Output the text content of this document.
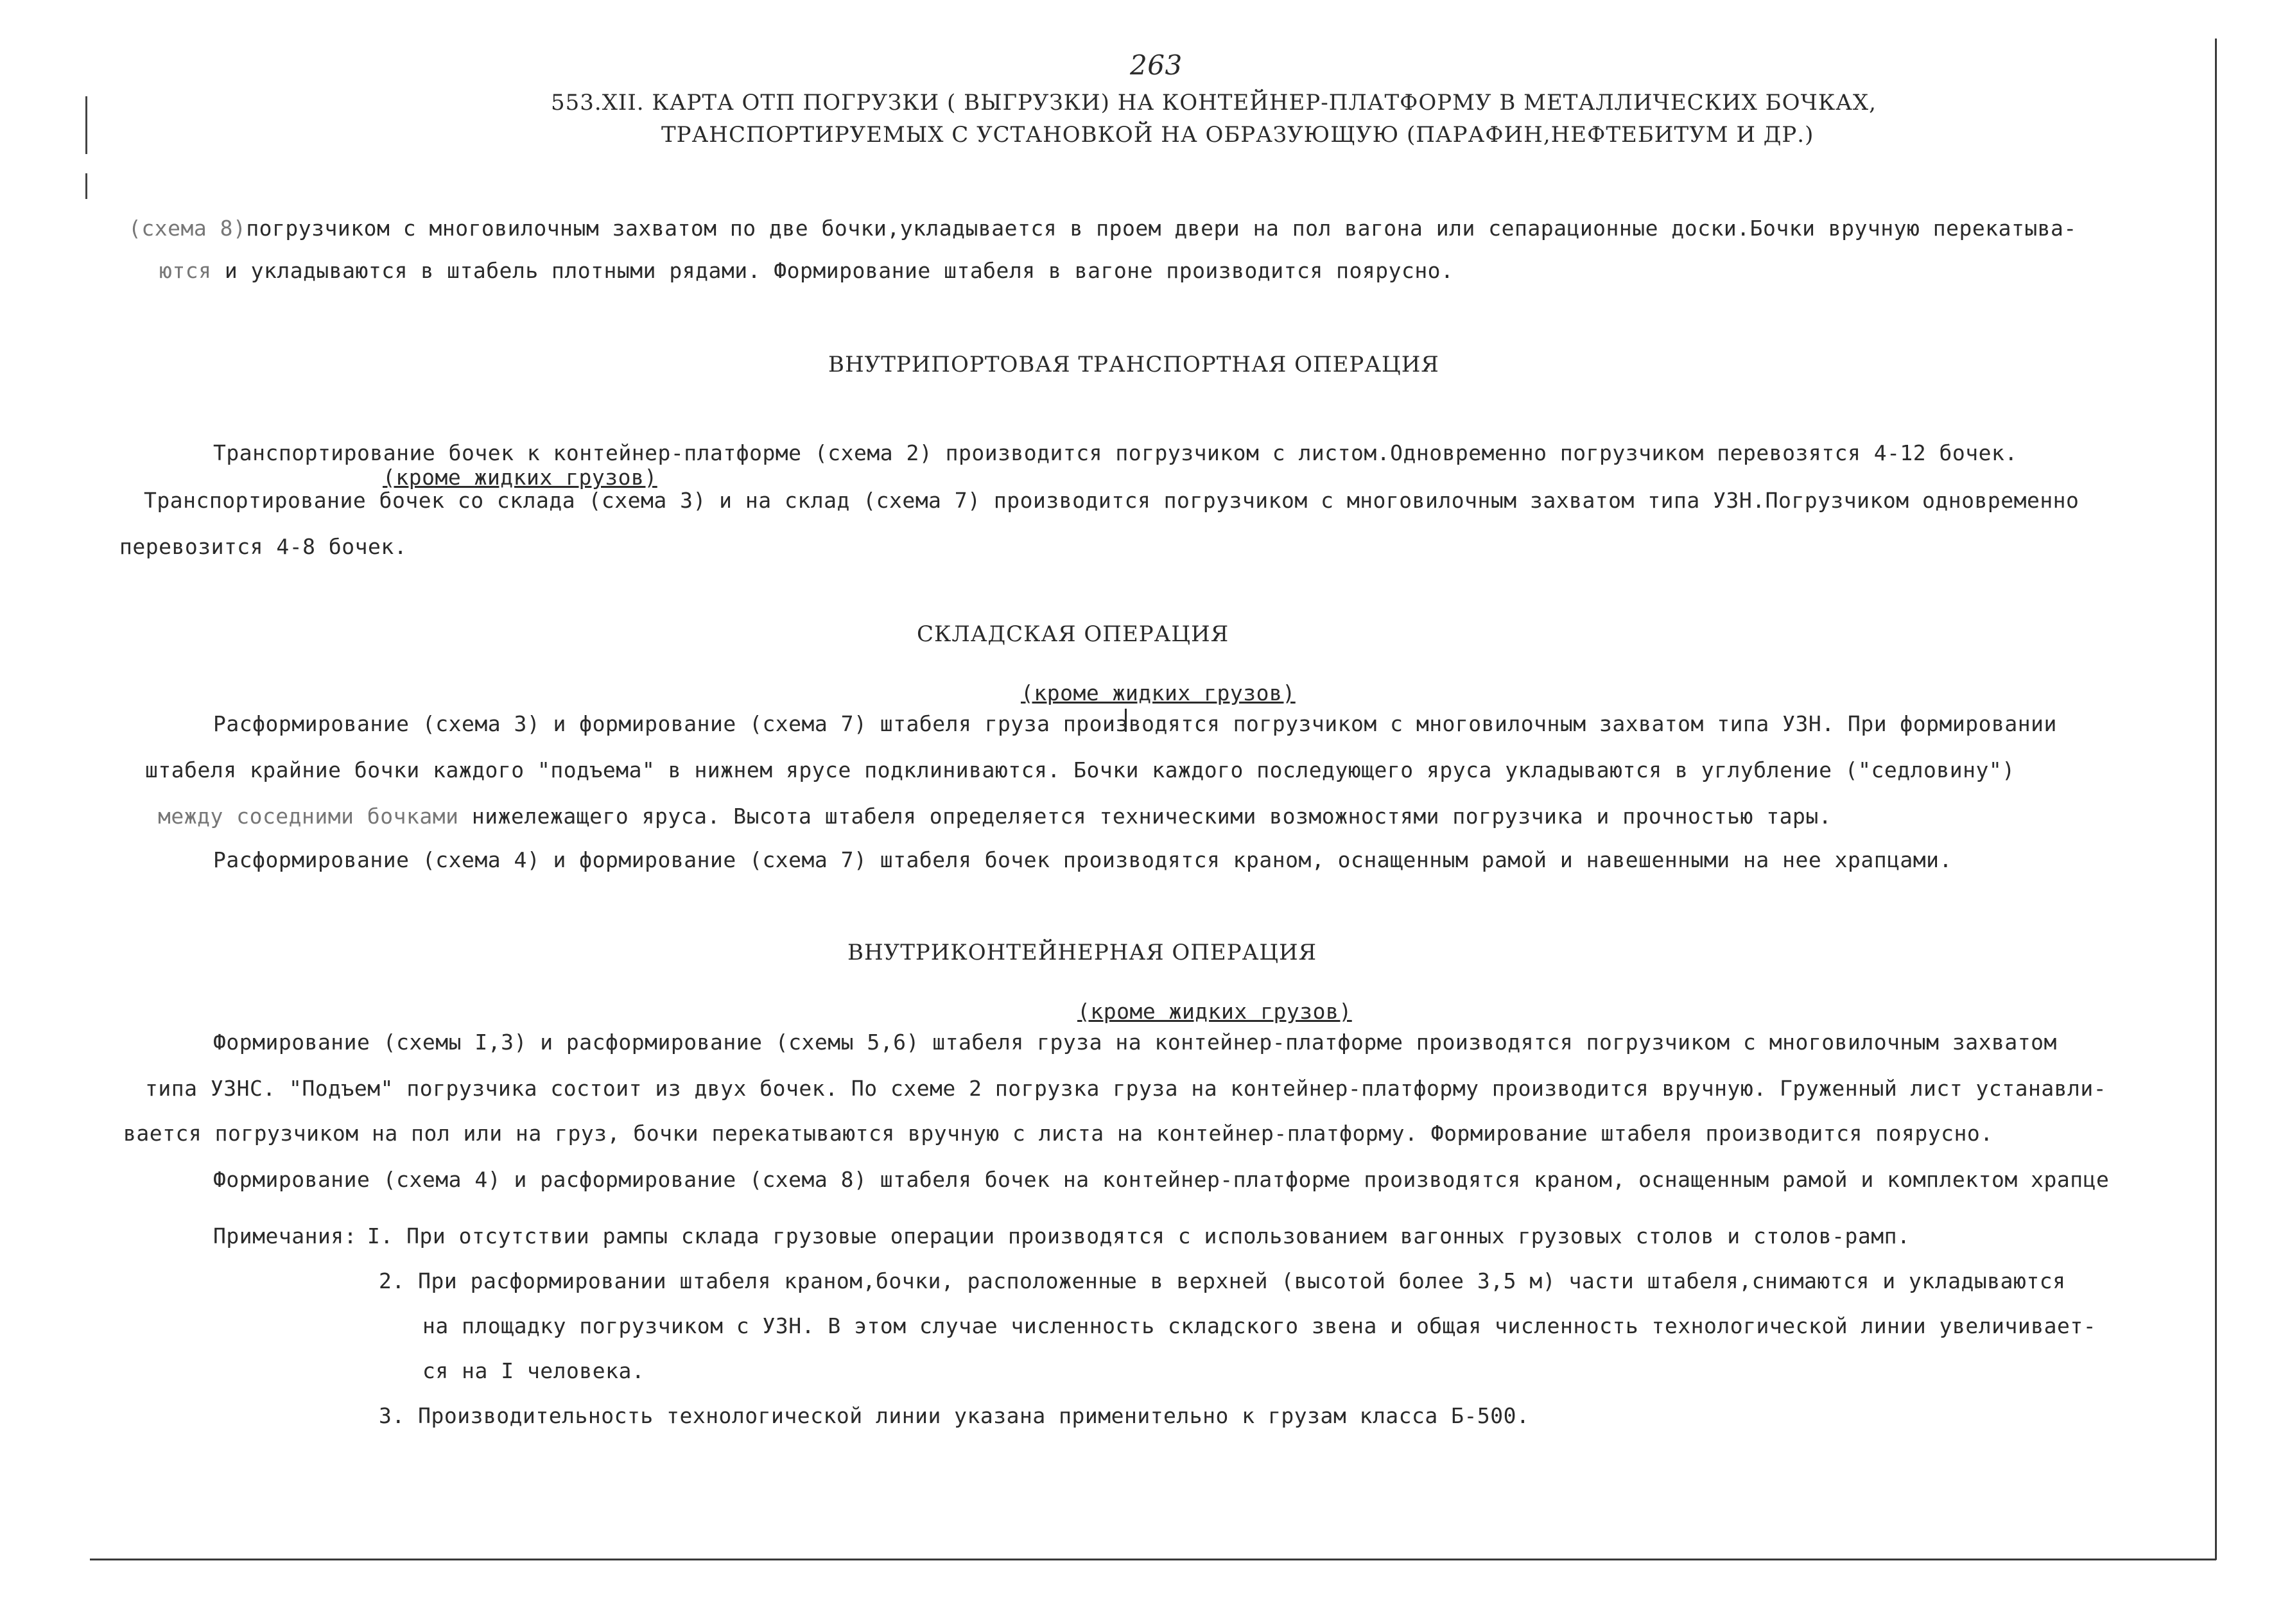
263
553.XII. КАРТА ОТП ПОГРУЗКИ ( ВЫГРУЗКИ) НА КОНТЕЙНЕР-ПЛАТФОРМУ В МЕТАЛЛИЧЕСКИХ БОЧКАХ,
ТРАНСПОРТИРУЕМЫХ С УСТАНОВКОЙ НА ОБРАЗУЮЩУЮ (ПАРАФИН,НЕФТЕБИТУМ И ДР.)
(схема 8)погрузчиком с многовилочным захватом по две бочки,укладывается в проем двери на пол вагона или сепарационные доски.Бочки вручную перекатыва-
ются и укладываются в штабель плотными рядами. Формирование штабеля в вагоне производится поярусно.
ВНУТРИПОРТОВАЯ ТРАНСПОРТНАЯ ОПЕРАЦИЯ
Транспортирование бочек к контейнер-платформе (схема 2) производится погрузчиком с листом.Одновременно погрузчиком перевозятся 4-12 бочек.
(кроме жидких грузов)
Транспортирование бочек со склада (схема 3) и на склад (схема 7) производится погрузчиком с многовилочным захватом типа УЗН.Погрузчиком одновременно
перевозится 4-8 бочек.
СКЛАДСКАЯ ОПЕРАЦИЯ
(кроме жидких грузов)
Расформирование (схема 3) и формирование (схема 7) штабеля груза производятся погрузчиком с многовилочным захватом типа УЗН. При формировании
штабеля крайние бочки каждого "подъема" в нижнем ярусе подклиниваются. Бочки каждого последующего яруса укладываются в углубление ("седловину")
между соседними бочками нижележащего яруса. Высота штабеля определяется техническими возможностями погрузчика и прочностью тары.
Расформирование (схема 4) и формирование (схема 7) штабеля бочек производятся краном, оснащенным рамой и навешенными на нее храпцами.
ВНУТРИКОНТЕЙНЕРНАЯ ОПЕРАЦИЯ
(кроме жидких грузов)
Формирование (схемы I,3) и расформирование (схемы 5,6) штабеля груза на контейнер-платформе производятся погрузчиком с многовилочным захватом
типа УЗНС. "Подъем" погрузчика состоит из двух бочек. По схеме 2 погрузка груза на контейнер-платформу производится вручную. Груженный лист устанавли-
вается погрузчиком на пол или на груз, бочки перекатываются вручную с листа на контейнер-платформу. Формирование штабеля производится поярусно.
Формирование (схема 4) и расформирование (схема 8) штабеля бочек на контейнер-платформе производятся краном, оснащенным рамой и комплектом храпце
Примечания: I. При отсутствии рампы склада грузовые операции производятся с использованием вагонных грузовых столов и столов-рамп.
2. При расформировании штабеля краном,бочки, расположенные в верхней (высотой более 3,5 м) части штабеля,снимаются и укладываются
на площадку погрузчиком с УЗН. В этом случае численность складского звена и общая численность технологической линии увеличивает-
ся на I человека.
3. Производительность технологической линии указана применительно к грузам класса Б-500.
